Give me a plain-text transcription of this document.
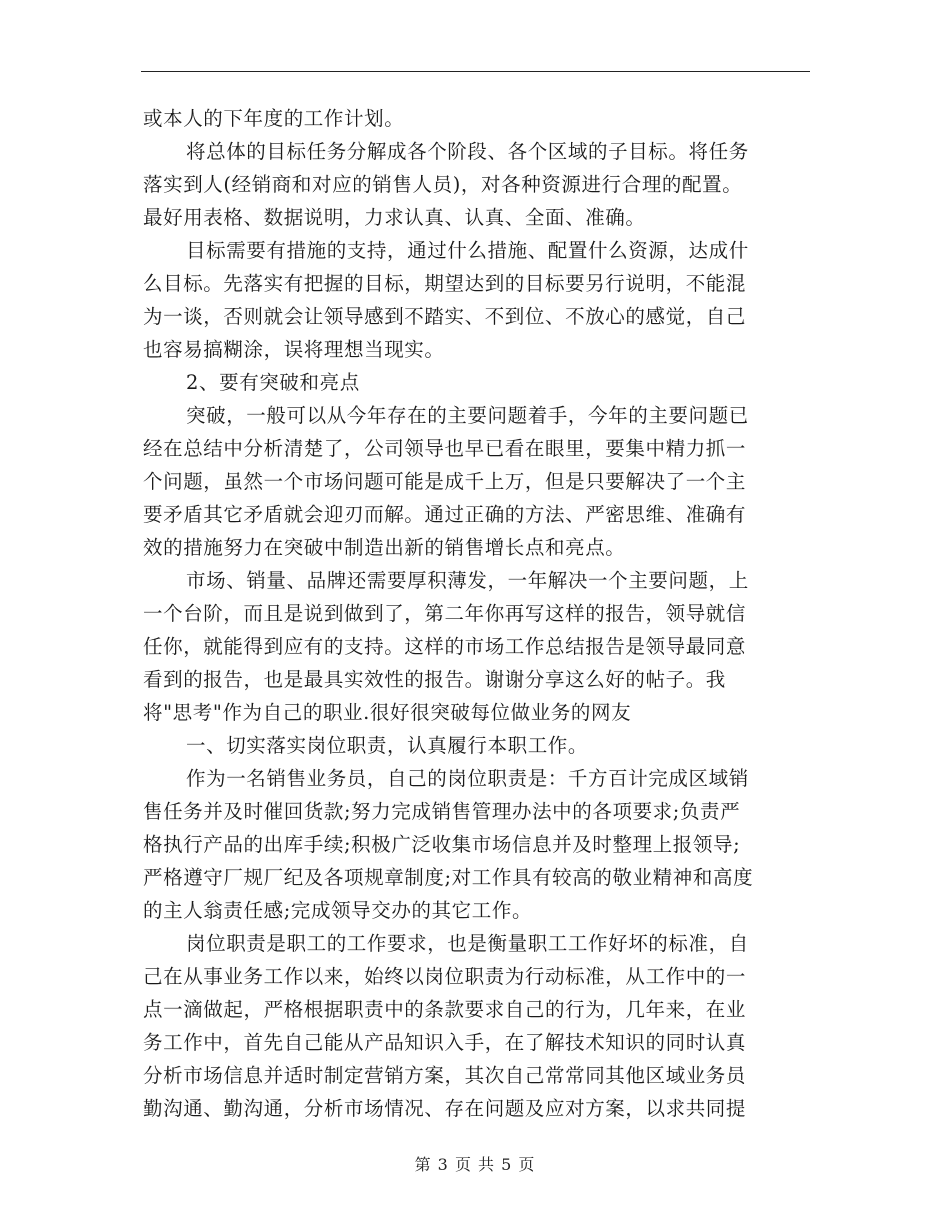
或本人的下年度的工作计划。
将总体的目标任务分解成各个阶段、各个区域的子目标。将任务
落实到人(经销商和对应的销售人员)，对各种资源进行合理的配置。
最好用表格、数据说明，力求认真、认真、全面、准确。
目标需要有措施的支持，通过什么措施、配置什么资源，达成什
么目标。先落实有把握的目标，期望达到的目标要另行说明，不能混
为一谈，否则就会让领导感到不踏实、不到位、不放心的感觉，自己
也容易搞糊涂，误将理想当现实。
2、要有突破和亮点
突破，一般可以从今年存在的主要问题着手，今年的主要问题已
经在总结中分析清楚了，公司领导也早已看在眼里，要集中精力抓一
个问题，虽然一个市场问题可能是成千上万，但是只要解决了一个主
要矛盾其它矛盾就会迎刃而解。通过正确的方法、严密思维、准确有
效的措施努力在突破中制造出新的销售增长点和亮点。
市场、销量、品牌还需要厚积薄发，一年解决一个主要问题，上
一个台阶，而且是说到做到了，第二年你再写这样的报告，领导就信
任你，就能得到应有的支持。这样的市场工作总结报告是领导最同意
看到的报告，也是最具实效性的报告。谢谢分享这么好的帖子。我
将"思考"作为自己的职业.很好很突破每位做业务的网友
一、切实落实岗位职责，认真履行本职工作。
作为一名销售业务员，自己的岗位职责是：千方百计完成区域销
售任务并及时催回货款;努力完成销售管理办法中的各项要求;负责严
格执行产品的出库手续;积极广泛收集市场信息并及时整理上报领导;
严格遵守厂规厂纪及各项规章制度;对工作具有较高的敬业精神和高度
的主人翁责任感;完成领导交办的其它工作。
岗位职责是职工的工作要求，也是衡量职工工作好坏的标准，自
己在从事业务工作以来，始终以岗位职责为行动标准，从工作中的一
点一滴做起，严格根据职责中的条款要求自己的行为，几年来，在业
务工作中，首先自己能从产品知识入手，在了解技术知识的同时认真
分析市场信息并适时制定营销方案，其次自己常常同其他区域业务员
勤沟通、勤沟通，分析市场情况、存在问题及应对方案，以求共同提
第 3 页 共 5 页
